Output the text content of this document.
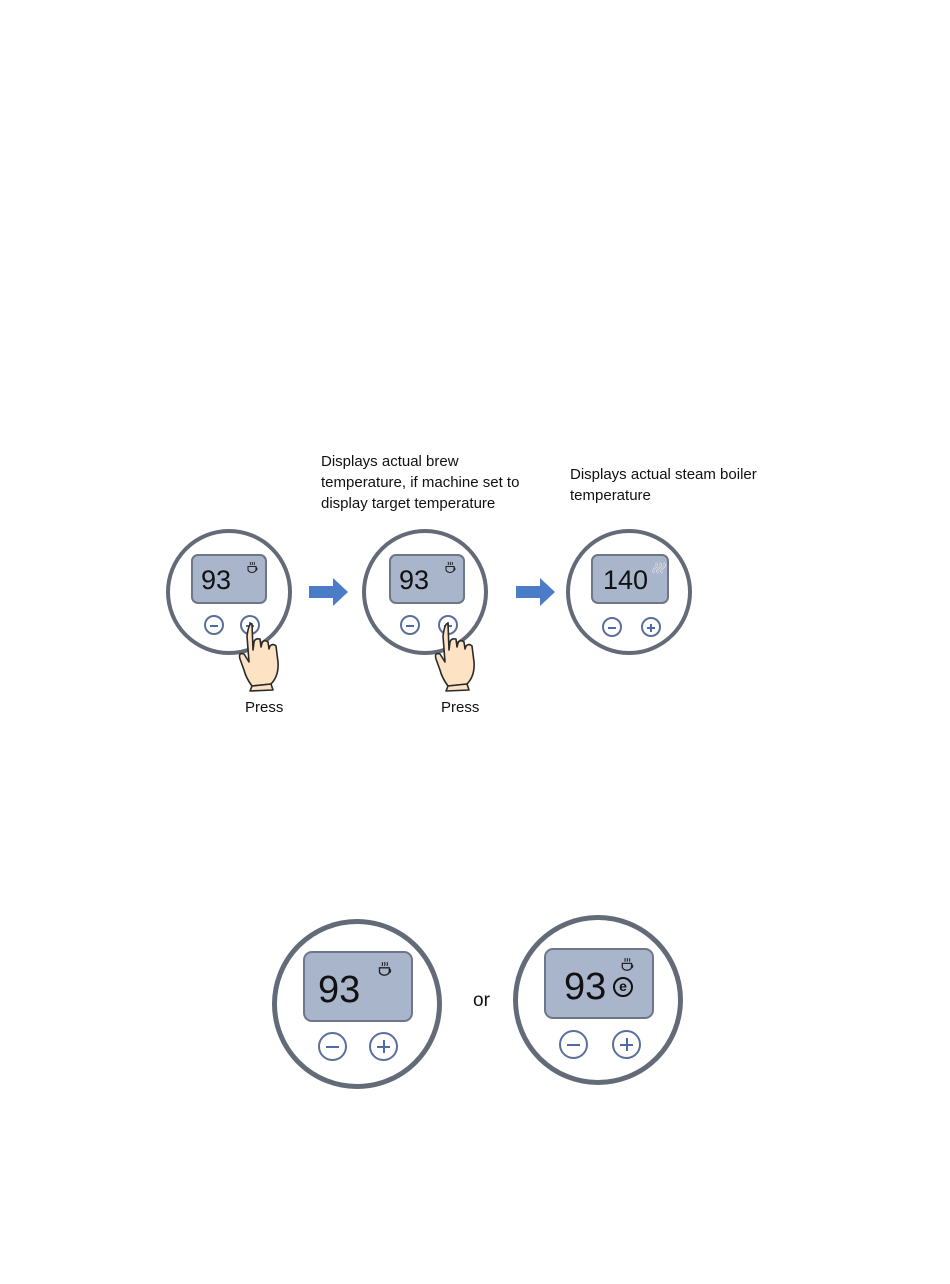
Displays actual brew
temperature, if machine set to
display target temperature
Displays actual steam boiler
temperature
93
Press
93
Press
140
93	or 93 e
